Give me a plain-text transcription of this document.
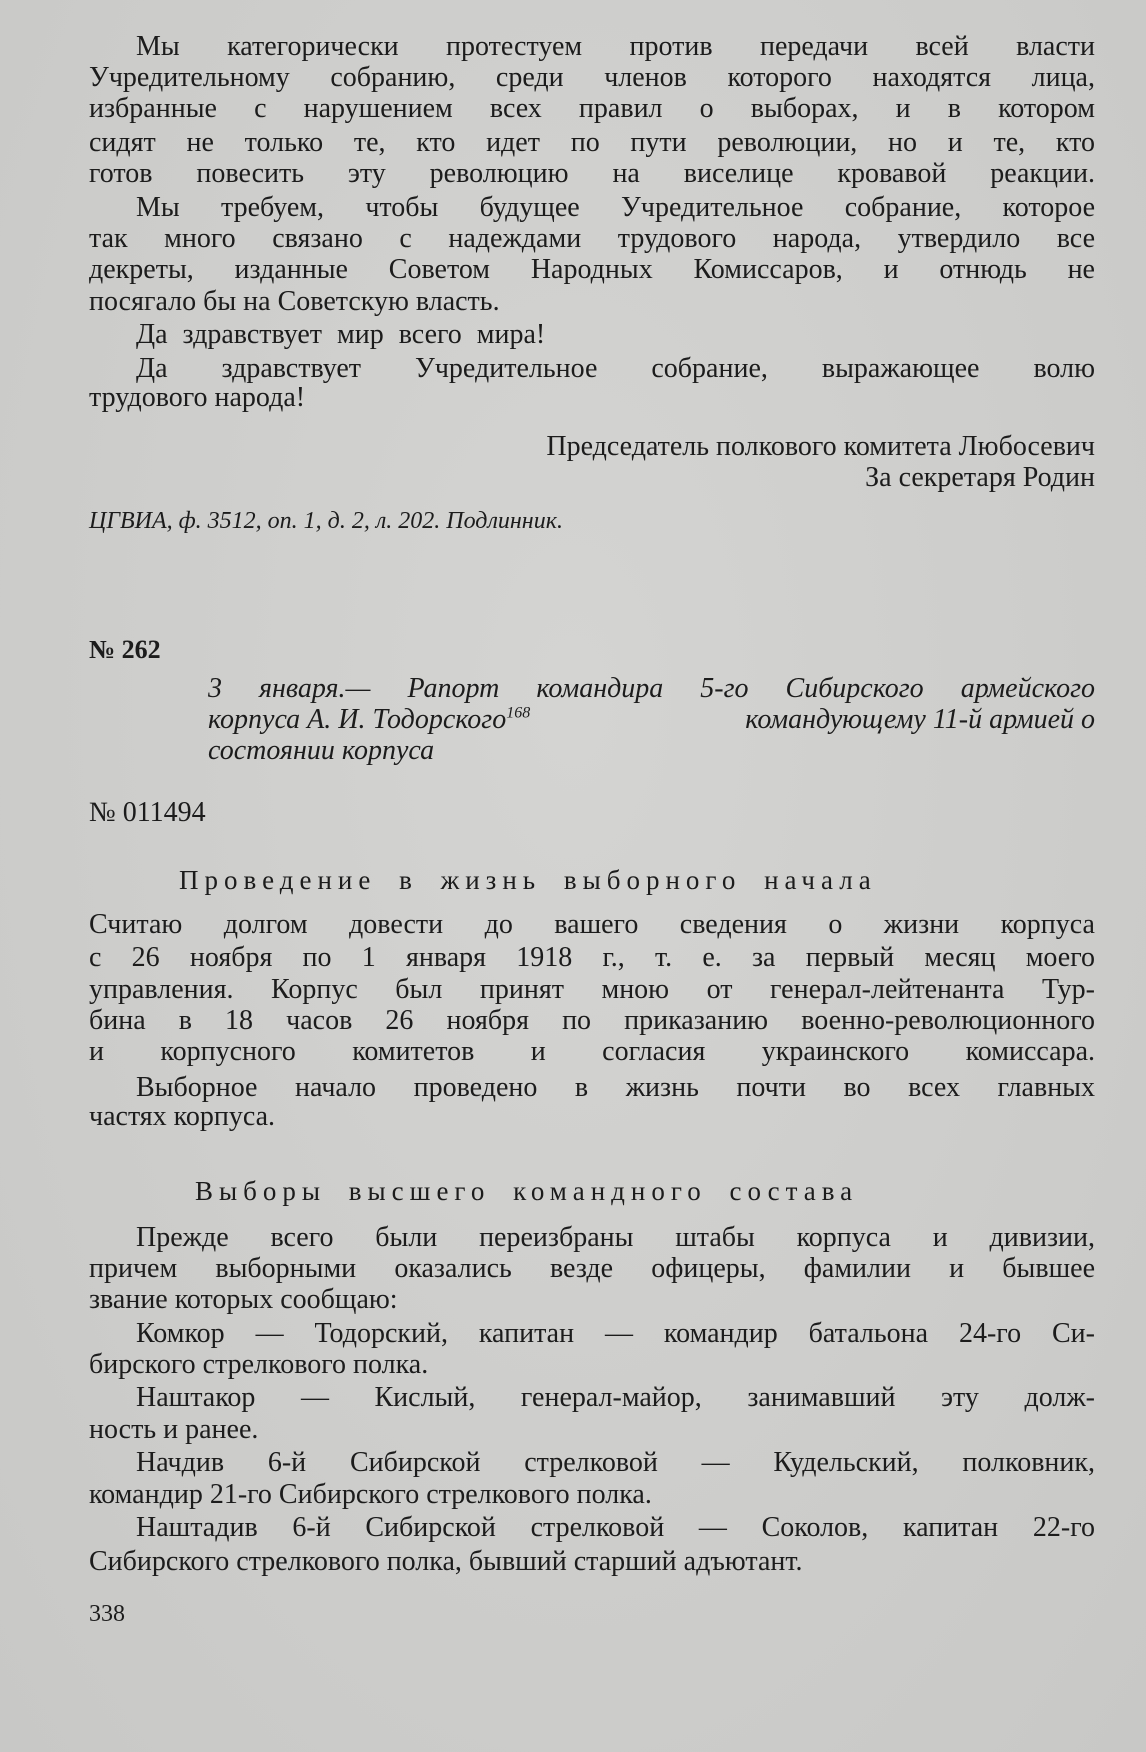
Мы категорически протестуем против передачи всей власти
Учредительному собранию, среди членов которого находятся лица,
избранные с нарушением всех правил о выборах, и в котором
сидят не только те, кто идет по пути революции, но и те, кто
готов повесить эту революцию на виселице кровавой реакции.
Мы требуем, чтобы будущее Учредительное собрание, которое
так много связано с надеждами трудового народа, утвердило все
декреты, изданные Советом Народных Комиссаров, и отнюдь не
посягало бы на Советскую власть.
Да здравствует мир всего мира!
Да здравствует Учредительное собрание, выражающее волю
трудового народа!
Председатель полкового комитета Любосевич
За секретаря Родин
ЦГВИА, ф. 3512, оп. 1, д. 2, л. 202. Подлинник.
№ 262
3 января.— Рапорт командира 5-го Сибирского армейского
корпуса А. И. Тодорского$^{168}$	командующему 11-й армией о
состоянии корпуса
№ 011494
Проведение в жизнь выборного начала
Считаю долгом довести до вашего сведения о жизни корпуса
с 26 ноября по 1 января 1918 г., т. е. за первый месяц моего
управления. Корпус был принят мною от генерал-лейтенанта Тур-
бина в 18 часов 26 ноября по приказанию военно-революционного
и корпусного комитетов и согласия украинского комиссара.
Выборное начало проведено в жизнь почти во всех главных
частях корпуса.
Выборы высшего командного состава
Прежде всего были переизбраны штабы корпуса и дивизии,
причем выборными оказались везде офицеры, фамилии и бывшее
звание которых сообщаю:
Комкор — Тодорский, капитан — командир батальона 24-го Си-
бирского стрелкового полка.
Наштакор — Кислый, генерал-майор, занимавший эту долж-
ность и ранее.
Начдив 6-й Сибирской стрелковой — Кудельский, полковник,
командир 21-го Сибирского стрелкового полка.
Наштадив 6-й Сибирской стрелковой — Соколов, капитан 22-го
Сибирского стрелкового полка, бывший старший адъютант.
338
